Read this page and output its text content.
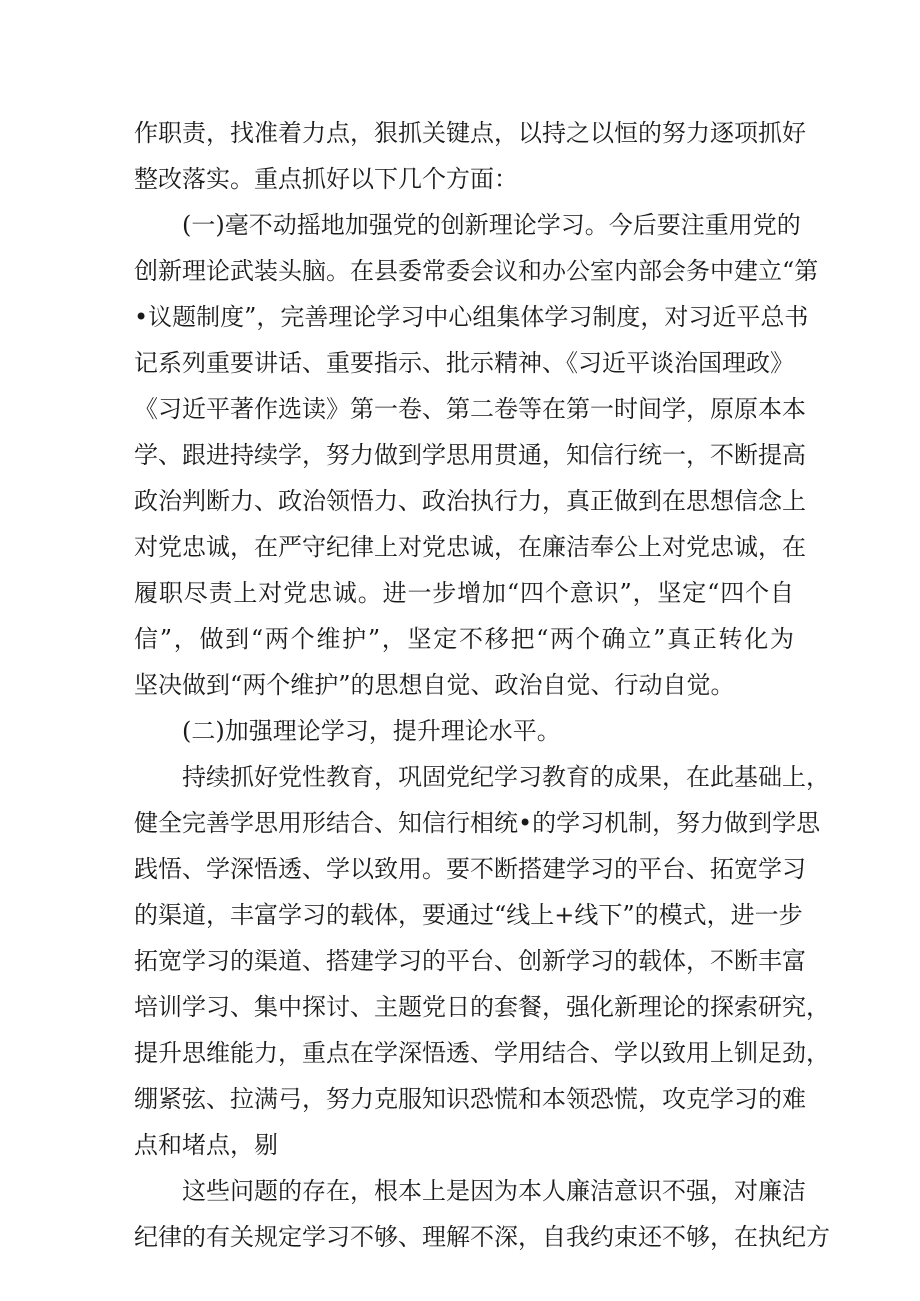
作职责，找准着力点，狠抓关键点，以持之以恒的努力逐项抓好
整改落实。重点抓好以下几个方面：
(一)毫不动摇地加强党的创新理论学习。今后要注重用党的
创新理论武装头脑。在县委常委会议和办公室内部会务中建立“第
•议题制度”，完善理论学习中心组集体学习制度，对习近平总书
记系列重要讲话、重要指示、批示精神、《习近平谈治国理政》
《习近平著作选读》第一卷、第二卷等在第一时间学，原原本本
学、跟进持续学，努力做到学思用贯通，知信行统一，不断提高
政治判断力、政治领悟力、政治执行力，真正做到在思想信念上
对党忠诚，在严守纪律上对党忠诚，在廉洁奉公上对党忠诚，在
履职尽责上对党忠诚。进一步增加“四个意识”，坚定“四个自
信”，做到“两个维护”，坚定不移把“两个确立”真正转化为
坚决做到“两个维护”的思想自觉、政治自觉、行动自觉。
(二)加强理论学习，提升理论水平。
持续抓好党性教育，巩固党纪学习教育的成果，在此基础上，
健全完善学思用形结合、知信行相统•的学习机制，努力做到学思
践悟、学深悟透、学以致用。要不断搭建学习的平台、拓宽学习
的渠道，丰富学习的载体，要通过“线上+线下”的模式，进一步
拓宽学习的渠道、搭建学习的平台、创新学习的载体，不断丰富
培训学习、集中探讨、主题党日的套餐，强化新理论的探索研究，
提升思维能力，重点在学深悟透、学用结合、学以致用上钏足劲，
绷紧弦、拉满弓，努力克服知识恐慌和本领恐慌，攻克学习的难
点和堵点，剔
这些问题的存在，根本上是因为本人廉洁意识不强，对廉洁
纪律的有关规定学习不够、理解不深，自我约束还不够，在执纪方
